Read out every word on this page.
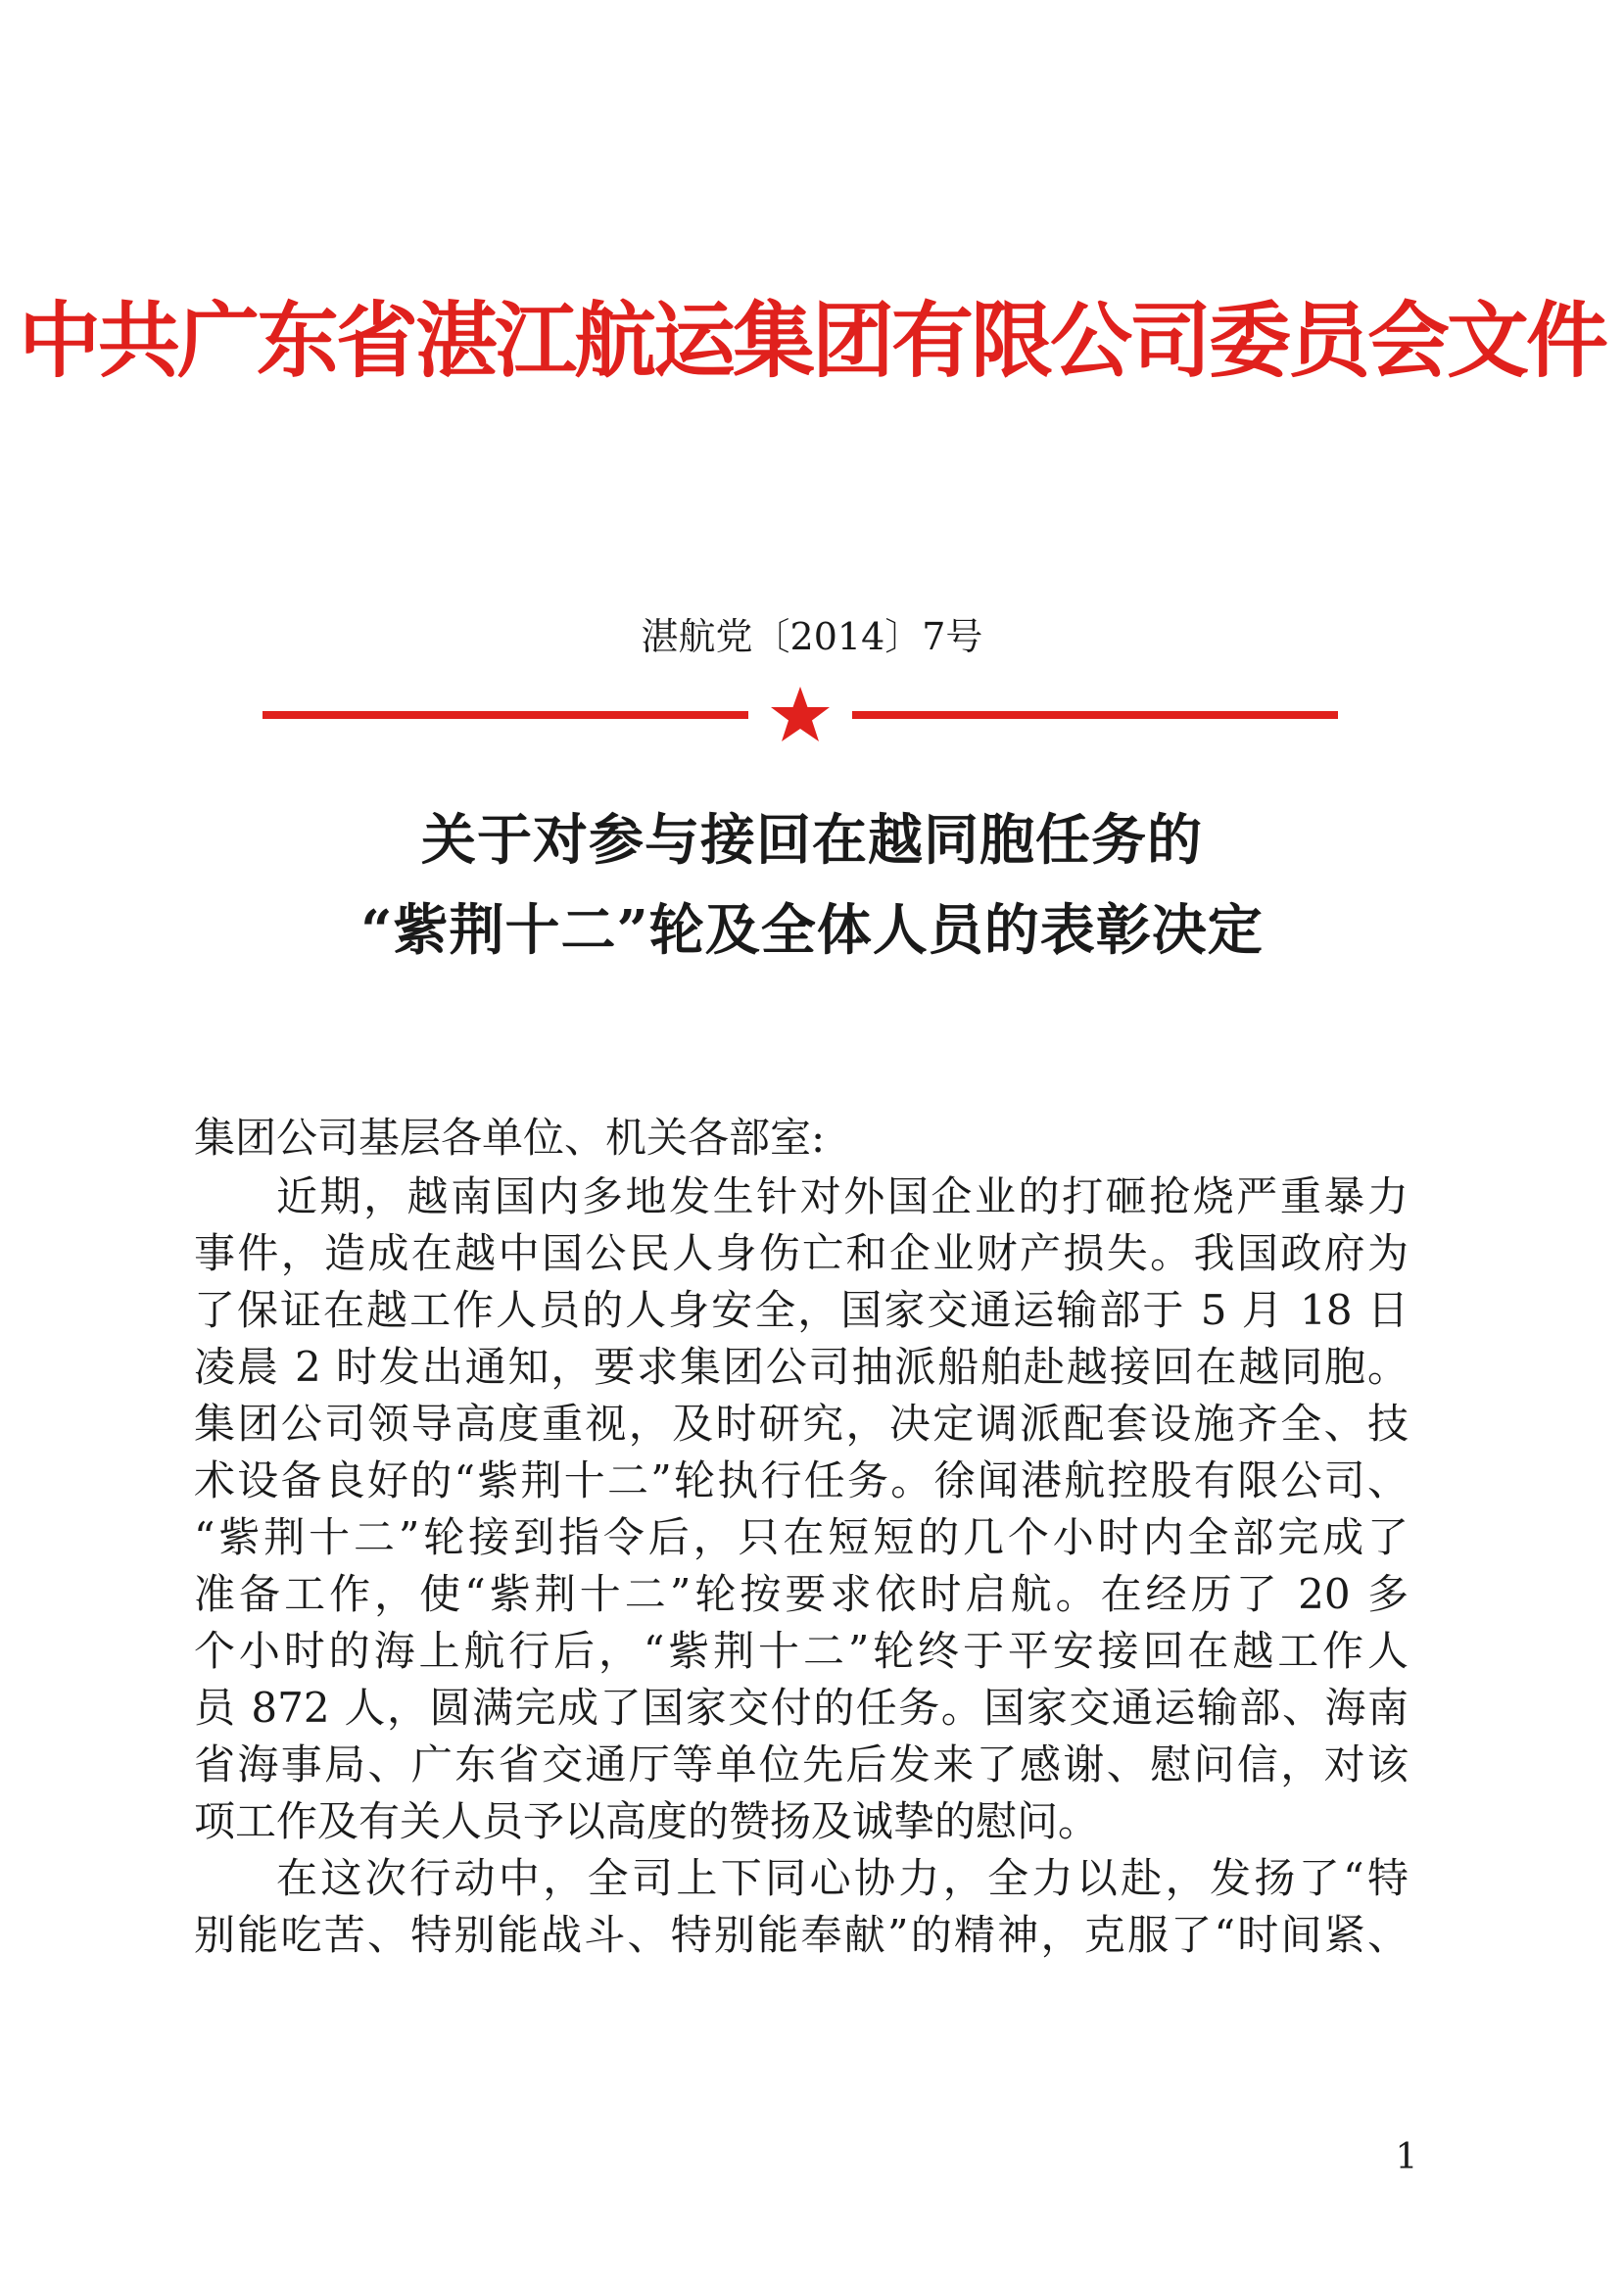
中共广东省湛江航运集团有限公司委员会文件
湛航党〔2014〕7号
关于对参与接回在越同胞任务的
“紫荆十二”轮及全体人员的表彰决定
集团公司基层各单位、机关各部室:
近期，越南国内多地发生针对外国企业的打砸抢烧严重暴力
事件，造成在越中国公民人身伤亡和企业财产损失。我国政府为
了保证在越工作人员的人身安全，国家交通运输部于 5 月 18 日
凌晨 2 时发出通知，要求集团公司抽派船舶赴越接回在越同胞。
集团公司领导高度重视，及时研究，决定调派配套设施齐全、技
术设备良好的“紫荆十二”轮执行任务。徐闻港航控股有限公司、
“紫荆十二”轮接到指令后，只在短短的几个小时内全部完成了
准备工作，使“紫荆十二”轮按要求依时启航。在经历了 20 多
个小时的海上航行后，“紫荆十二”轮终于平安接回在越工作人
员 872 人，圆满完成了国家交付的任务。国家交通运输部、海南
省海事局、广东省交通厅等单位先后发来了感谢、慰问信，对该
项工作及有关人员予以高度的赞扬及诚挚的慰问。
在这次行动中，全司上下同心协力，全力以赴，发扬了“特
别能吃苦、特别能战斗、特别能奉献”的精神，克服了“时间紧、
1
